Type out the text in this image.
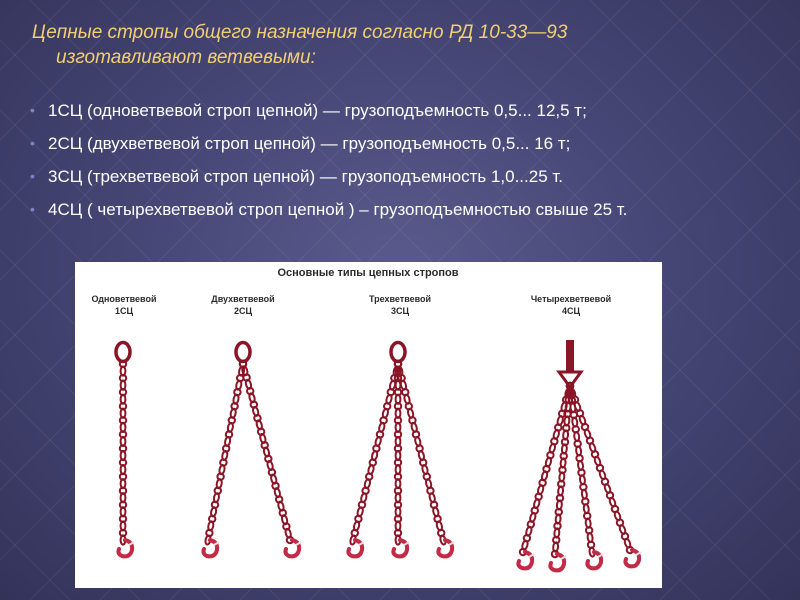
Цепные стропы общего назначения согласно РД 10-33—93
изготавливают ветвевыми:
• 1СЦ (одноветвевой строп цепной) — грузоподъемность 0,5... 12,5 т;
• 2СЦ (двухветвевой строп цепной) — грузоподъемность 0,5... 16 т;
• 3СЦ (трехветвевой строп цепной) — грузоподъемность 1,0...25 т.
• 4СЦ ( четырехветвевой строп цепной ) – грузоподъемностью свыше 25 т.
Основные типы цепных стропов
Одноветвевой
1СЦ
Двухветвевой
2СЦ
Трехветвевой
3СЦ
Четырехветвевой
4СЦ
